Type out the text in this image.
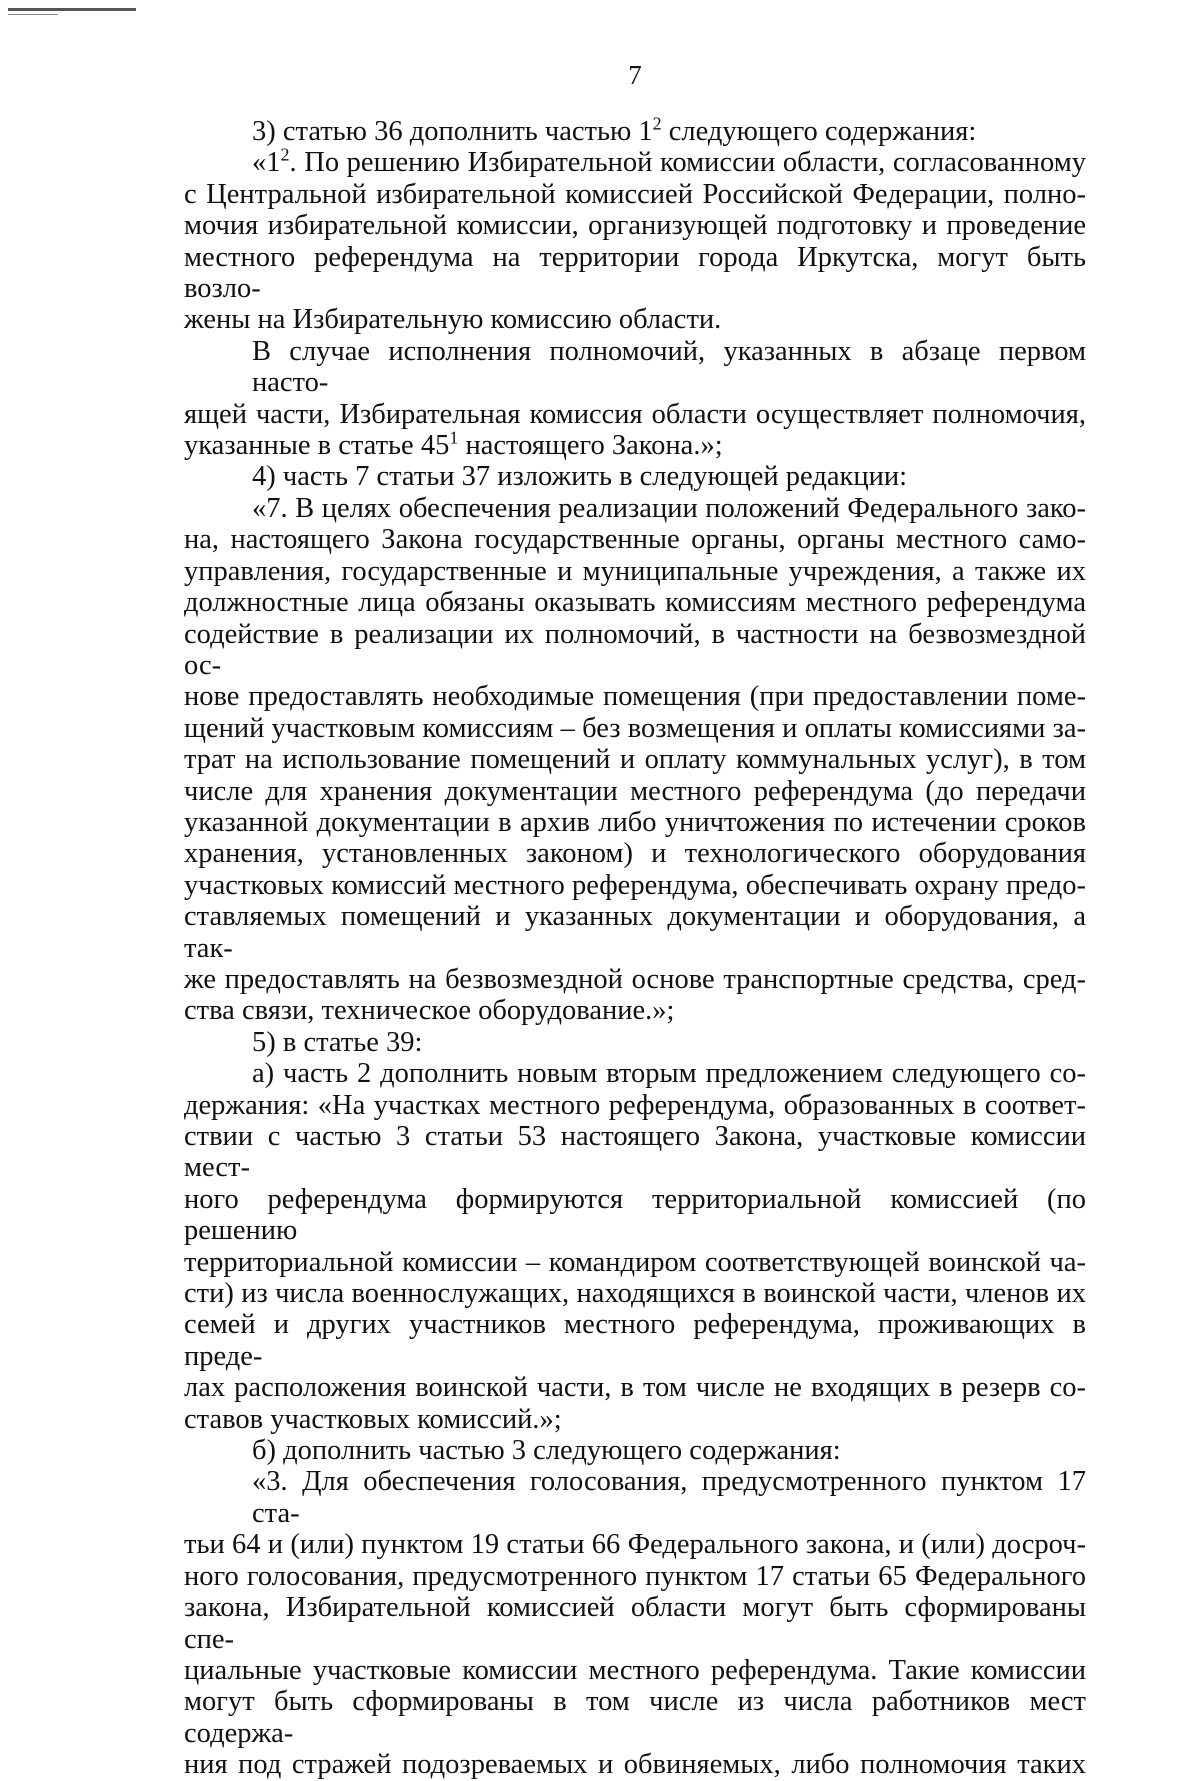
7
3) статью 36 дополнить частью $1^2$ следующего содержания:
«$1^2$. По решению Избирательной комиссии области, согласованному
с Центральной избирательной комиссией Российской Федерации, полно-
мочия избирательной комиссии, организующей подготовку и проведение
местного референдума на территории города Иркутска, могут быть возло-
жены на Избирательную комиссию области.
В случае исполнения полномочий, указанных в абзаце первом насто-
ящей части, Избирательная комиссия области осуществляет полномочия,
указанные в статье $45^1$ настоящего Закона.»;
4) часть 7 статьи 37 изложить в следующей редакции:
«7. В целях обеспечения реализации положений Федерального зако-
на, настоящего Закона государственные органы, органы местного само-
управления, государственные и муниципальные учреждения, а также их
должностные лица обязаны оказывать комиссиям местного референдума
содействие в реализации их полномочий, в частности на безвозмездной ос-
нове предоставлять необходимые помещения (при предоставлении поме-
щений участковым комиссиям – без возмещения и оплаты комиссиями за-
трат на использование помещений и оплату коммунальных услуг), в том
числе для хранения документации местного референдума (до передачи
указанной документации в архив либо уничтожения по истечении сроков
хранения, установленных законом) и технологического оборудования
участковых комиссий местного референдума, обеспечивать охрану предо-
ставляемых помещений и указанных документации и оборудования, а так-
же предоставлять на безвозмездной основе транспортные средства, сред-
ства связи, техническое оборудование.»;
5) в статье 39:
а) часть 2 дополнить новым вторым предложением следующего со-
держания: «На участках местного референдума, образованных в соответ-
ствии с частью 3 статьи 53 настоящего Закона, участковые комиссии мест-
ного референдума формируются территориальной комиссией (по решению
территориальной комиссии – командиром соответствующей воинской ча-
сти) из числа военнослужащих, находящихся в воинской части, членов их
семей и других участников местного референдума, проживающих в преде-
лах расположения воинской части, в том числе не входящих в резерв со-
ставов участковых комиссий.»;
б) дополнить частью 3 следующего содержания:
«3. Для обеспечения голосования, предусмотренного пунктом 17 ста-
тьи 64 и (или) пунктом 19 статьи 66 Федерального закона, и (или) досроч-
ного голосования, предусмотренного пунктом 17 статьи 65 Федерального
закона, Избирательной комиссией области могут быть сформированы спе-
циальные участковые комиссии местного референдума. Такие комиссии
могут быть сформированы в том числе из числа работников мест содержа-
ния под стражей подозреваемых и обвиняемых, либо полномочия таких
